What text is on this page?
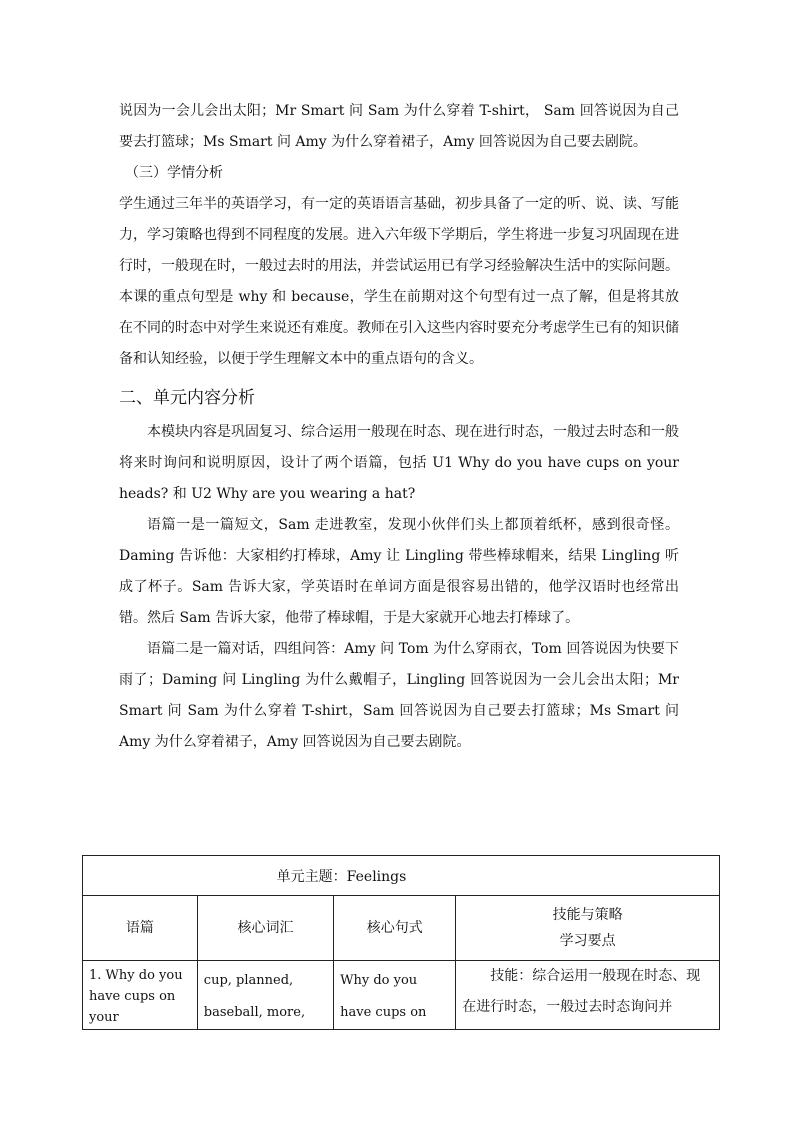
说因为一会儿会出太阳；Mr Smart 问 Sam 为什么穿着 T-shirt， Sam 回答说因为自己要去打篮球；Ms Smart 问 Amy 为什么穿着裙子，Amy 回答说因为自己要去剧院。

（三）学情分析

学生通过三年半的英语学习，有一定的英语语言基础，初步具备了一定的听、说、读、写能力，学习策略也得到不同程度的发展。进入六年级下学期后，学生将进一步复习巩固现在进行时，一般现在时，一般过去时的用法，并尝试运用已有学习经验解决生活中的实际问题。本课的重点句型是 why 和 because，学生在前期对这个句型有过一点了解，但是将其放在不同的时态中对学生来说还有难度。教师在引入这些内容时要充分考虑学生已有的知识储备和认知经验，以便于学生理解文本中的重点语句的含义。

二、单元内容分析

本模块内容是巩固复习、综合运用一般现在时态、现在进行时态，一般过去时态和一般将来时询问和说明原因，设计了两个语篇，包括 U1 Why do you have cups on your heads? 和 U2 Why are you wearing a hat?

语篇一是一篇短文，Sam 走进教室，发现小伙伴们头上都顶着纸杯，感到很奇怪。Daming 告诉他：大家相约打棒球，Amy 让 Lingling 带些棒球帽来，结果 Lingling 听成了杯子。Sam 告诉大家，学英语时在单词方面是很容易出错的，他学汉语时也经常出错。然后 Sam 告诉大家，他带了棒球帽，于是大家就开心地去打棒球了。

语篇二是一篇对话，四组问答：Amy 问 Tom 为什么穿雨衣，Tom 回答说因为快要下雨了；Daming 问 Lingling 为什么戴帽子，Lingling 回答说因为一会儿会出太阳；Mr Smart 问 Sam 为什么穿着 T-shirt，Sam 回答说因为自己要去打篮球；Ms Smart 问 Amy 为什么穿着裙子，Amy 回答说因为自己要去剧院。

单元主题：Feelings			
语篇	核心词汇	核心句式	技能与策略
学习要点

1. Why do you have cups on your	cup, planned, baseball, more,	Why do you have cups on	技能：综合运用一般现在时态、现在进行时态，一般过去时态询问并
